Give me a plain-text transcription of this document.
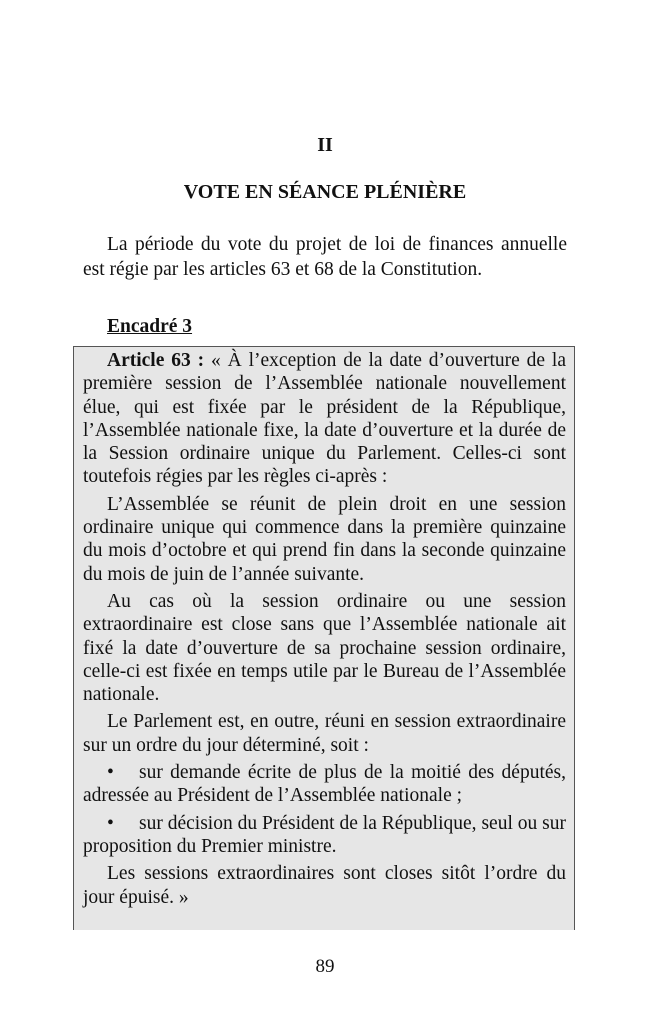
II
VOTE EN SÉANCE PLÉNIÈRE

La période du vote du projet de loi de finances annuelle est régie par les articles 63 et 68 de la Constitution.

Encadré 3

Article 63 : « À l’exception de la date d’ouverture de la première session de l’Assemblée nationale nouvellement élue, qui est fixée par le président de la République, l’Assemblée nationale fixe, la date d’ouverture et la durée de la Session ordinaire unique du Parlement. Celles-ci sont toutefois régies par les règles ci-après :

L’Assemblée se réunit de plein droit en une session ordinaire unique qui commence dans la première quinzaine du mois d’octobre et qui prend fin dans la seconde quinzaine du mois de juin de l’année suivante.

Au cas où la session ordinaire ou une session extraordinaire est close sans que l’Assemblée nationale ait fixé la date d’ouverture de sa prochaine session ordinaire, celle-ci est fixée en temps utile par le Bureau de l’Assemblée nationale.

Le Parlement est, en outre, réuni en session extraordinaire sur un ordre du jour déterminé, soit :

• sur demande écrite de plus de la moitié des députés, adressée au Président de l’Assemblée nationale ;

• sur décision du Président de la République, seul ou sur proposition du Premier ministre.

Les sessions extraordinaires sont closes sitôt l’ordre du jour épuisé. »

89
